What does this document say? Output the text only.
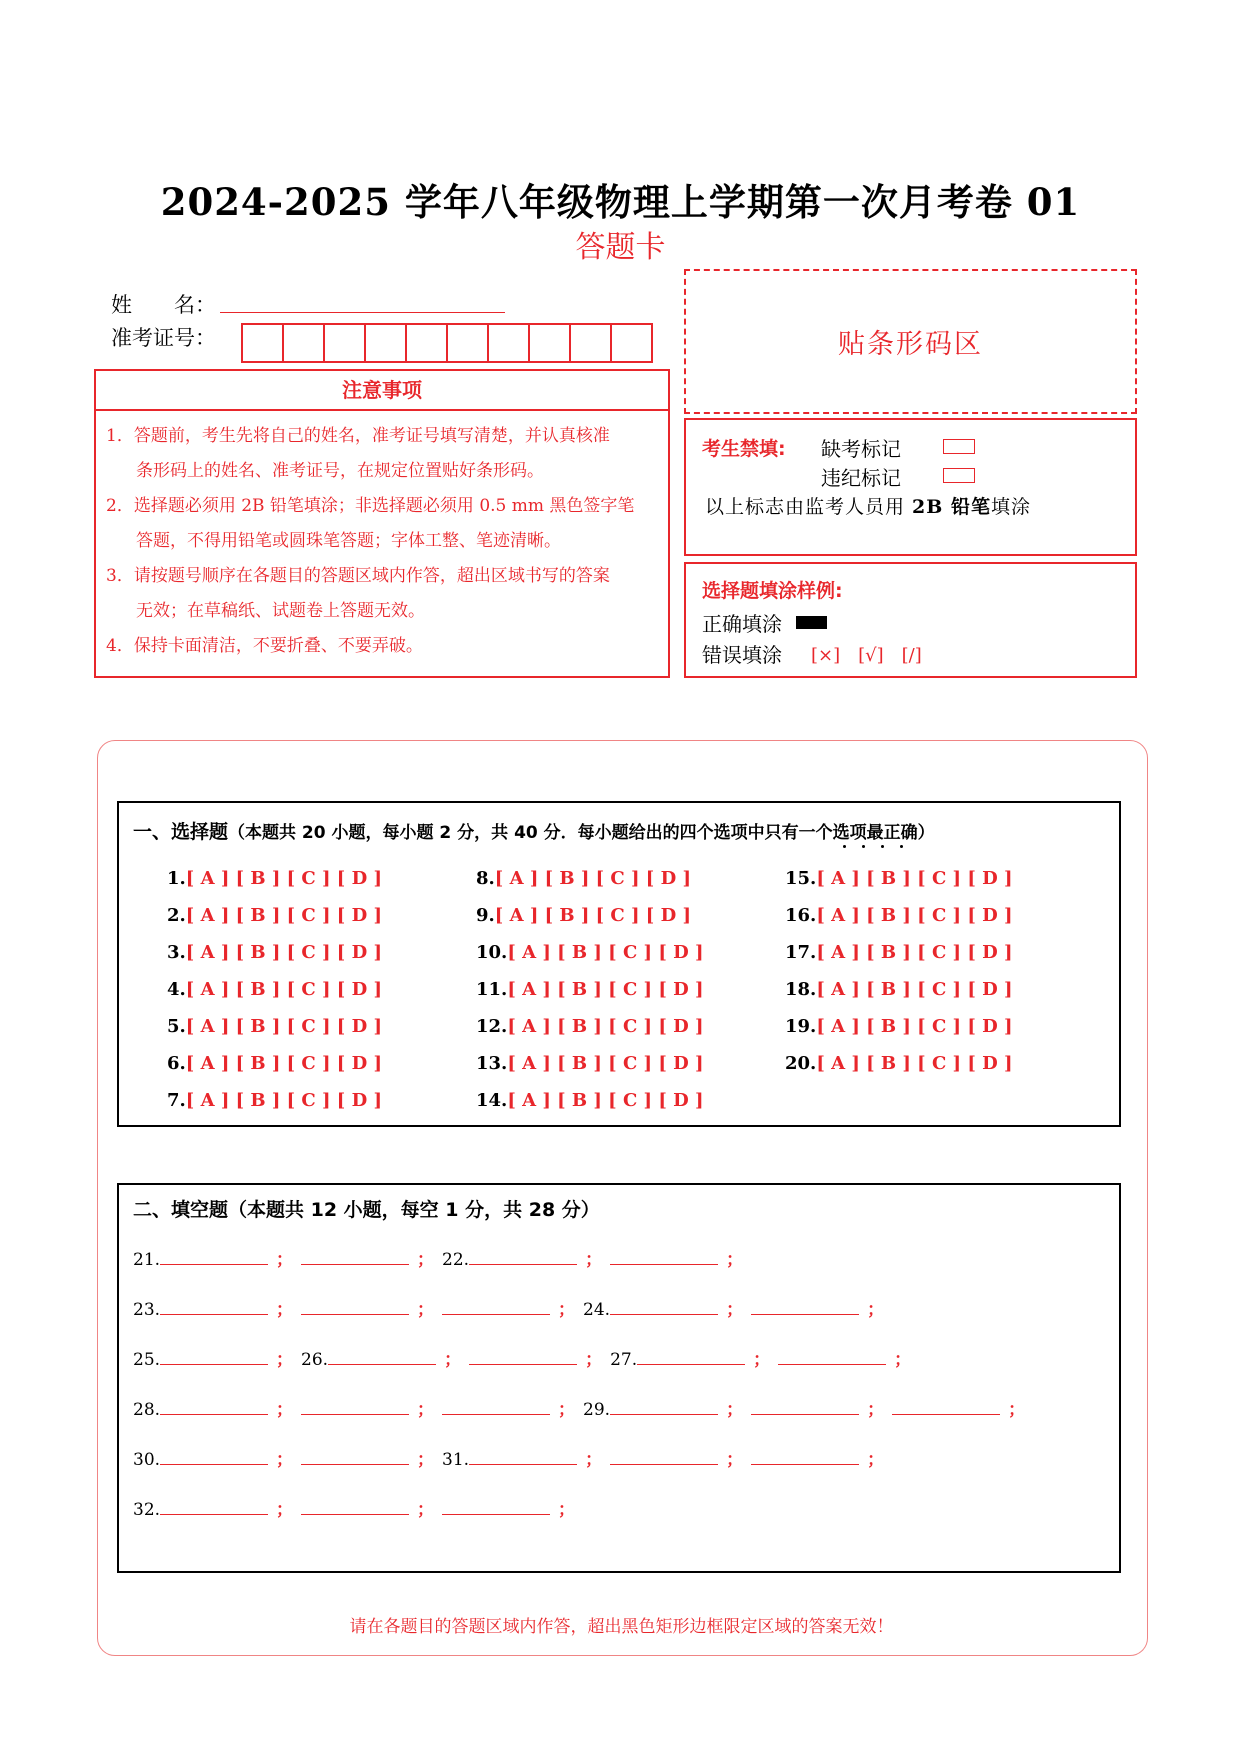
2024-2025 学年八年级物理上学期第一次月考卷 01
答题卡
姓　　名：
准考证号：
注意事项
1．答题前，考生先将自己的姓名，准考证号填写清楚，并认真核准
条形码上的姓名、准考证号，在规定位置贴好条形码。
2．选择题必须用 2B 铅笔填涂；非选择题必须用 0.5 mm 黑色签字笔
答题，不得用铅笔或圆珠笔答题；字体工整、笔迹清晰。
3．请按题号顺序在各题目的答题区域内作答，超出区域书写的答案
无效；在草稿纸、试题卷上答题无效。
4．保持卡面清洁，不要折叠、不要弄破。
贴条形码区
考生禁填: 缺考标记
违纪标记
以上标志由监考人员用 2B 铅笔填涂
选择题填涂样例:
正确填涂
错误填涂 [×]　[√]　[/]
一、选择题（本题共 20 小题，每小题 2 分，共 40 分．每小题给出的四个选项中只有一个选项最正确）
1.[ A ] [ B ] [ C ] [ D ]
2.[ A ] [ B ] [ C ] [ D ]
3.[ A ] [ B ] [ C ] [ D ]
4.[ A ] [ B ] [ C ] [ D ]
5.[ A ] [ B ] [ C ] [ D ]
6.[ A ] [ B ] [ C ] [ D ]
7.[ A ] [ B ] [ C ] [ D ]
8.[ A ] [ B ] [ C ] [ D ]
9.[ A ] [ B ] [ C ] [ D ]
10.[ A ] [ B ] [ C ] [ D ]
11.[ A ] [ B ] [ C ] [ D ]
12.[ A ] [ B ] [ C ] [ D ]
13.[ A ] [ B ] [ C ] [ D ]
14.[ A ] [ B ] [ C ] [ D ]
15.[ A ] [ B ] [ C ] [ D ]
16.[ A ] [ B ] [ C ] [ D ]
17.[ A ] [ B ] [ C ] [ D ]
18.[ A ] [ B ] [ C ] [ D ]
19.[ A ] [ B ] [ C ] [ D ]
20.[ A ] [ B ] [ C ] [ D ]
二、填空题（本题共 12 小题，每空 1 分，共 28 分）
21.	；	； 22.	；	；
23.	；	；	； 24.	；	；
25.	； 26.	；	； 27.	；	；
28.	；	；	； 29.	；	；	；
30.	；	； 31.	；	；	；
32.	；	；	；
请在各题目的答题区域内作答，超出黑色矩形边框限定区域的答案无效！
